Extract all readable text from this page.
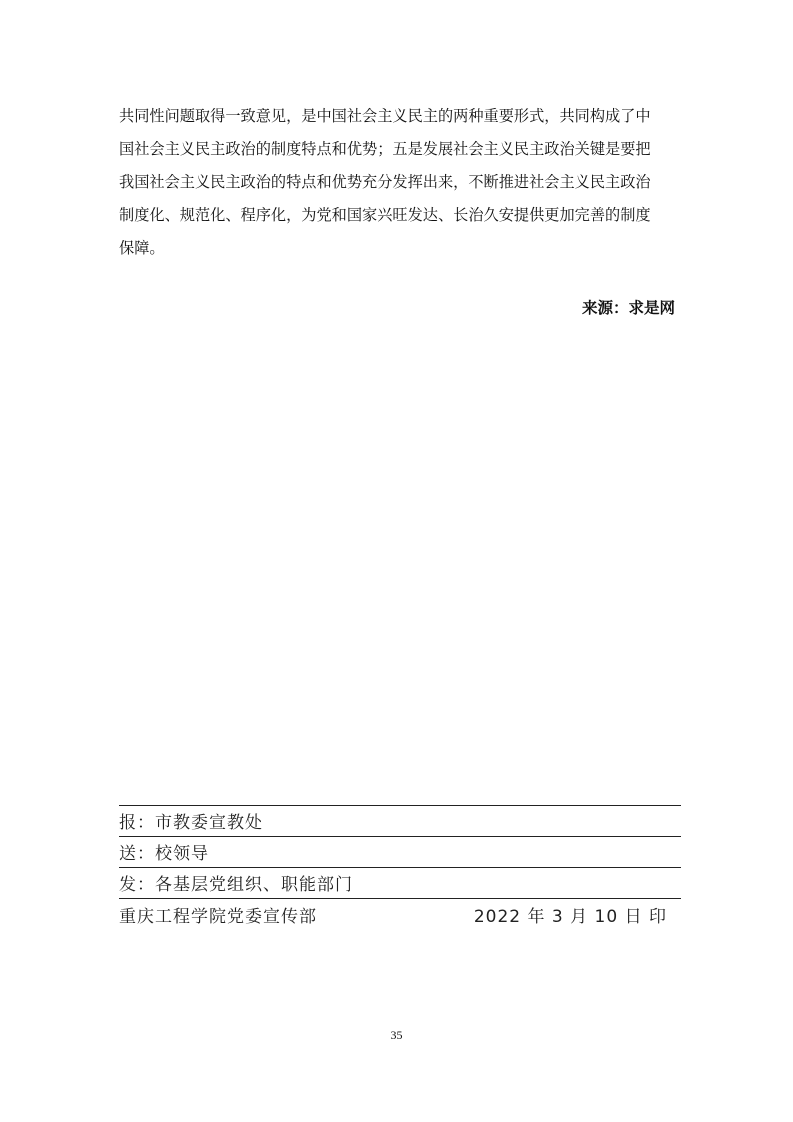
共同性问题取得一致意见，是中国社会主义民主的两种重要形式，共同构成了中
国社会主义民主政治的制度特点和优势；五是发展社会主义民主政治关键是要把
我国社会主义民主政治的特点和优势充分发挥出来，不断推进社会主义民主政治
制度化、规范化、程序化，为党和国家兴旺发达、长治久安提供更加完善的制度
保障。
来源：求是网
报：市教委宣教处
送：校领导
发：各基层党组织、职能部门
重庆工程学院党委宣传部	2022 年 3 月 10 日 印
35
